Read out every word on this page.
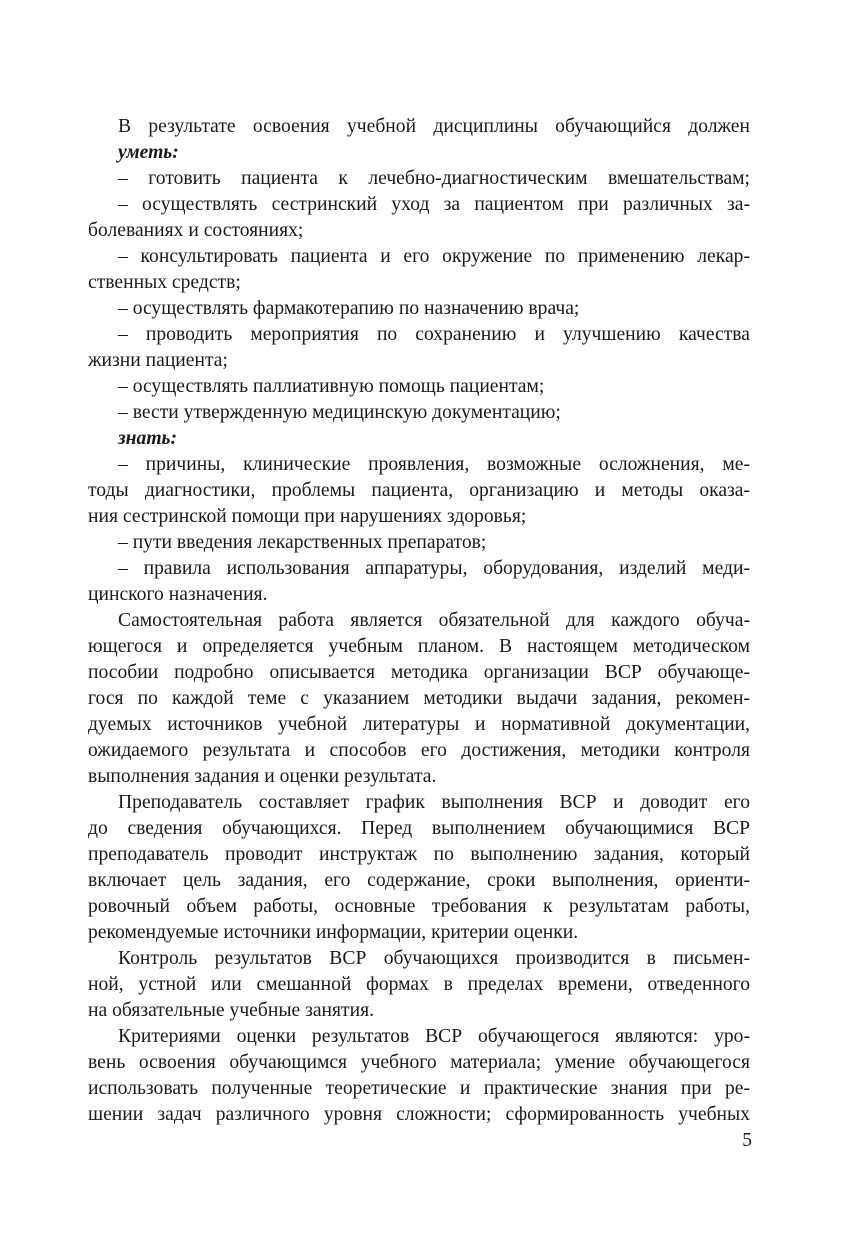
В результате освоения учебной дисциплины обучающийся должен
уметь:
– готовить пациента к лечебно-диагностическим вмешательствам;
– осуществлять сестринский уход за пациентом при различных за-
болеваниях и состояниях;
– консультировать пациента и его окружение по применению лекар-
ственных средств;
– осуществлять фармакотерапию по назначению врача;
– проводить мероприятия по сохранению и улучшению качества
жизни пациента;
– осуществлять паллиативную помощь пациентам;
– вести утвержденную медицинскую документацию;
знать:
– причины, клинические проявления, возможные осложнения, ме-
тоды диагностики, проблемы пациента, организацию и методы оказа-
ния сестринской помощи при нарушениях здоровья;
– пути введения лекарственных препаратов;
– правила использования аппаратуры, оборудования, изделий меди-
цинского назначения.
Самостоятельная работа является обязательной для каждого обуча-
ющегося и определяется учебным планом. В настоящем методическом
пособии подробно описывается методика организации ВСР обучающе-
гося по каждой теме с указанием методики выдачи задания, рекомен-
дуемых источников учебной литературы и нормативной документации,
ожидаемого результата и способов его достижения, методики контроля
выполнения задания и оценки результата.
Преподаватель составляет график выполнения ВСР и доводит его
до сведения обучающихся. Перед выполнением обучающимися ВСР
преподаватель проводит инструктаж по выполнению задания, который
включает цель задания, его содержание, сроки выполнения, ориенти-
ровочный объем работы, основные требования к результатам работы,
рекомендуемые источники информации, критерии оценки.
Контроль результатов ВСР обучающихся производится в письмен-
ной, устной или смешанной формах в пределах времени, отведенного
на обязательные учебные занятия.
Критериями оценки результатов ВСР обучающегося являются: уро-
вень освоения обучающимся учебного материала; умение обучающегося
использовать полученные теоретические и практические знания при ре-
шении задач различного уровня сложности; сформированность учебных
5
